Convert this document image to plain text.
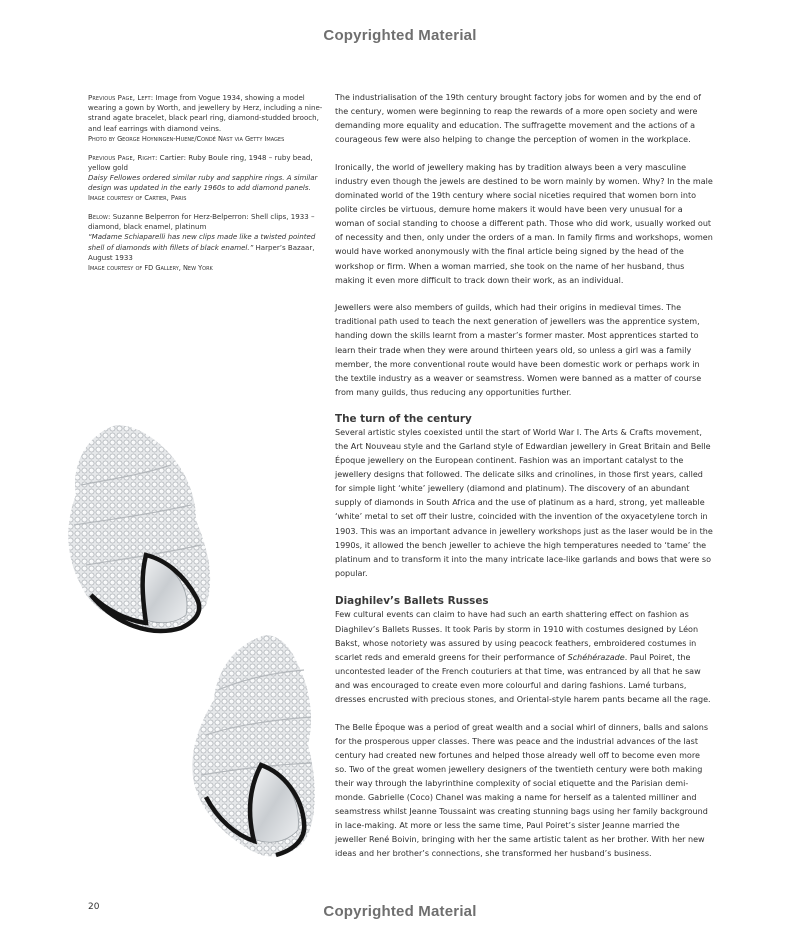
Copyrighted Material
Previous Page, Left: Image from Vogue 1934, showing a model wearing a gown by Worth, and jewellery by Herz, including a nine-strand agate bracelet, black pearl ring, diamond-studded brooch, and leaf earrings with diamond veins.
Photo by George Hoyningen-Huene/Condé Nast via Getty Images
Previous Page, Right: Cartier: Ruby Boule ring, 1948 – ruby bead, yellow gold
Daisy Fellowes ordered similar ruby and sapphire rings. A similar design was updated in the early 1960s to add diamond panels.
Image courtesy of Cartier, Paris
Below: Suzanne Belperron for Herz-Belperron: Shell clips, 1933 – diamond, black enamel, platinum
“Madame Schiaparelli has new clips made like a twisted pointed shell of diamonds with fillets of black enamel.” Harper’s Bazaar, August 1933
Image courtesy of FD Gallery, New York

The industrialisation of the 19th century brought factory jobs for women and by the end of the century, women were beginning to reap the rewards of a more open society and were demanding more equality and education. The suffragette movement and the actions of a courageous few were also helping to change the perception of women in the workplace.

Ironically, the world of jewellery making has by tradition always been a very masculine industry even though the jewels are destined to be worn mainly by women. Why? In the male dominated world of the 19th century where social niceties required that women born into polite circles be virtuous, demure home makers it would have been very unusual for a woman of social standing to choose a different path. Those who did work, usually worked out of necessity and then, only under the orders of a man. In family firms and workshops, women would have worked anonymously with the final article being signed by the head of the workshop or firm. When a woman married, she took on the name of her husband, thus making it even more difficult to track down their work, as an individual.

Jewellers were also members of guilds, which had their origins in medieval times. The traditional path used to teach the next generation of jewellers was the apprentice system, handing down the skills learnt from a master’s former master. Most apprentices started to learn their trade when they were around thirteen years old, so unless a girl was a family member, the more conventional route would have been domestic work or perhaps work in the textile industry as a weaver or seamstress. Women were banned as a matter of course from many guilds, thus reducing any opportunities further.

The turn of the century

Several artistic styles coexisted until the start of World War I. The Arts & Crafts movement, the Art Nouveau style and the Garland style of Edwardian jewellery in Great Britain and Belle Époque jewellery on the European continent. Fashion was an important catalyst to the jewellery designs that followed. The delicate silks and crinolines, in those first years, called for simple light ‘white’ jewellery (diamond and platinum). The discovery of an abundant supply of diamonds in South Africa and the use of platinum as a hard, strong, yet malleable ‘white’ metal to set off their lustre, coincided with the invention of the oxyacetylene torch in 1903. This was an important advance in jewellery workshops just as the laser would be in the 1990s, it allowed the bench jeweller to achieve the high temperatures needed to ‘tame’ the platinum and to transform it into the many intricate lace-like garlands and bows that were so popular.

Diaghilev’s Ballets Russes

Few cultural events can claim to have had such an earth shattering effect on fashion as Diaghilev’s Ballets Russes. It took Paris by storm in 1910 with costumes designed by Léon Bakst, whose notoriety was assured by using peacock feathers, embroidered costumes in scarlet reds and emerald greens for their performance of Schéhérazade. Paul Poiret, the uncontested leader of the French couturiers at that time, was entranced by all that he saw and was encouraged to create even more colourful and daring fashions. Lamé turbans, dresses encrusted with precious stones, and Oriental-style harem pants became all the rage.

The Belle Époque was a period of great wealth and a social whirl of dinners, balls and salons for the prosperous upper classes. There was peace and the industrial advances of the last century had created new fortunes and helped those already well off to become even more so. Two of the great women jewellery designers of the twentieth century were both making their way through the labyrinthine complexity of social etiquette and the Parisian demi-monde. Gabrielle (Coco) Chanel was making a name for herself as a talented milliner and seamstress whilst Jeanne Toussaint was creating stunning bags using her family background in lace-making. At more or less the same time, Paul Poiret’s sister Jeanne married the jeweller René Boivin, bringing with her the same artistic talent as her brother. With her new ideas and her brother’s connections, she transformed her husband’s business.

20	Copyrighted Material
